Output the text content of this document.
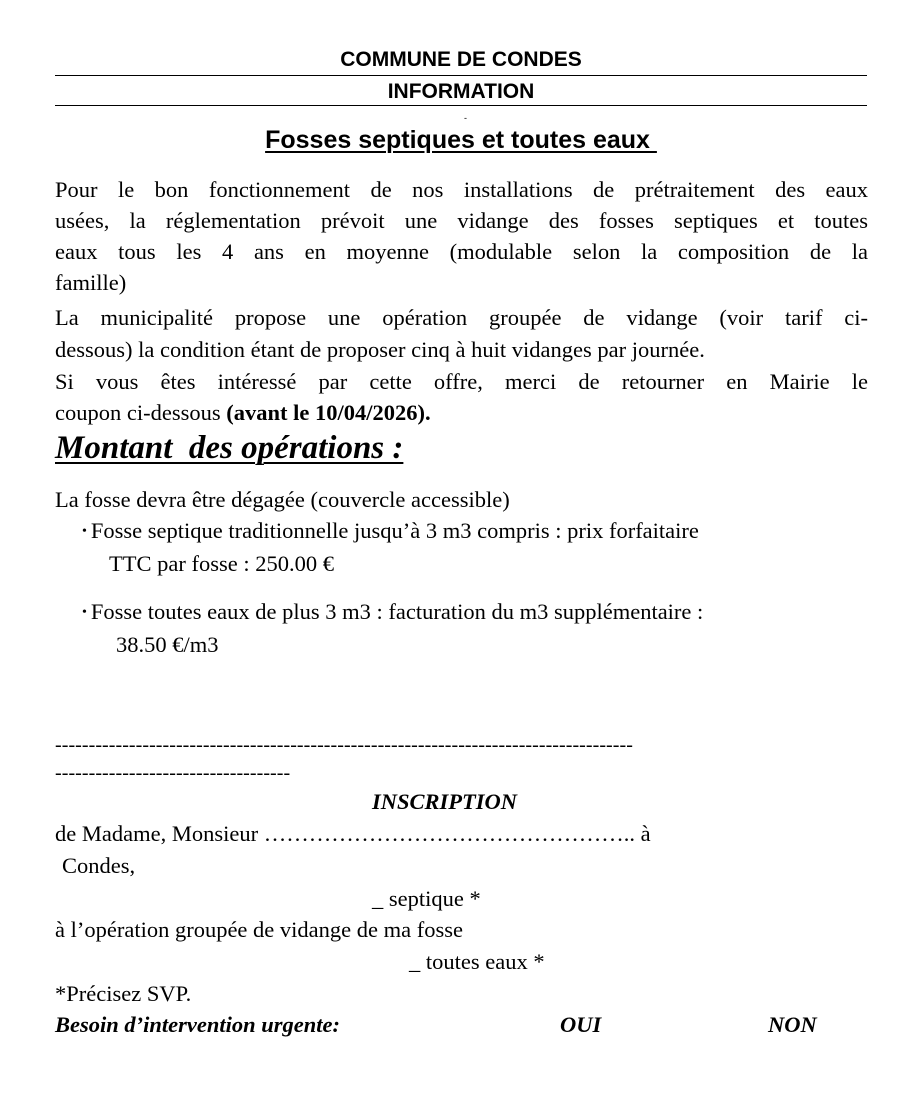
COMMUNE DE CONDES
INFORMATION
-
Fosses septiques et toutes eaux
Pour le bon fonctionnement de nos installations de prétraitement des eaux
usées, la réglementation prévoit une vidange des fosses septiques et toutes
eaux tous les 4 ans en moyenne (modulable selon la composition de la
famille)
La municipalité propose une opération groupée de vidange (voir tarif ci-
dessous) la condition étant de proposer cinq à huit vidanges par journée.
Si vous êtes intéressé par cette offre, merci de retourner en Mairie le
coupon ci-dessous (avant le 10/04/2026).
Montant  des opérations :
La fosse devra être dégagée (couvercle accessible)
• Fosse septique traditionnelle jusqu’à 3 m3 compris : prix forfaitaire
TTC par fosse : 250.00 €
• Fosse toutes eaux de plus 3 m3 : facturation du m3 supplémentaire :
38.50 €/m3
--------------------------------------------------------------------------------------
-----------------------------------
INSCRIPTION
de Madame, Monsieur ………………………………………….. à
Condes,
_ septique *
à l’opération groupée de vidange de ma fosse
_ toutes eaux *
*Précisez SVP.
Besoin d’intervention urgente:	OUI	NON
